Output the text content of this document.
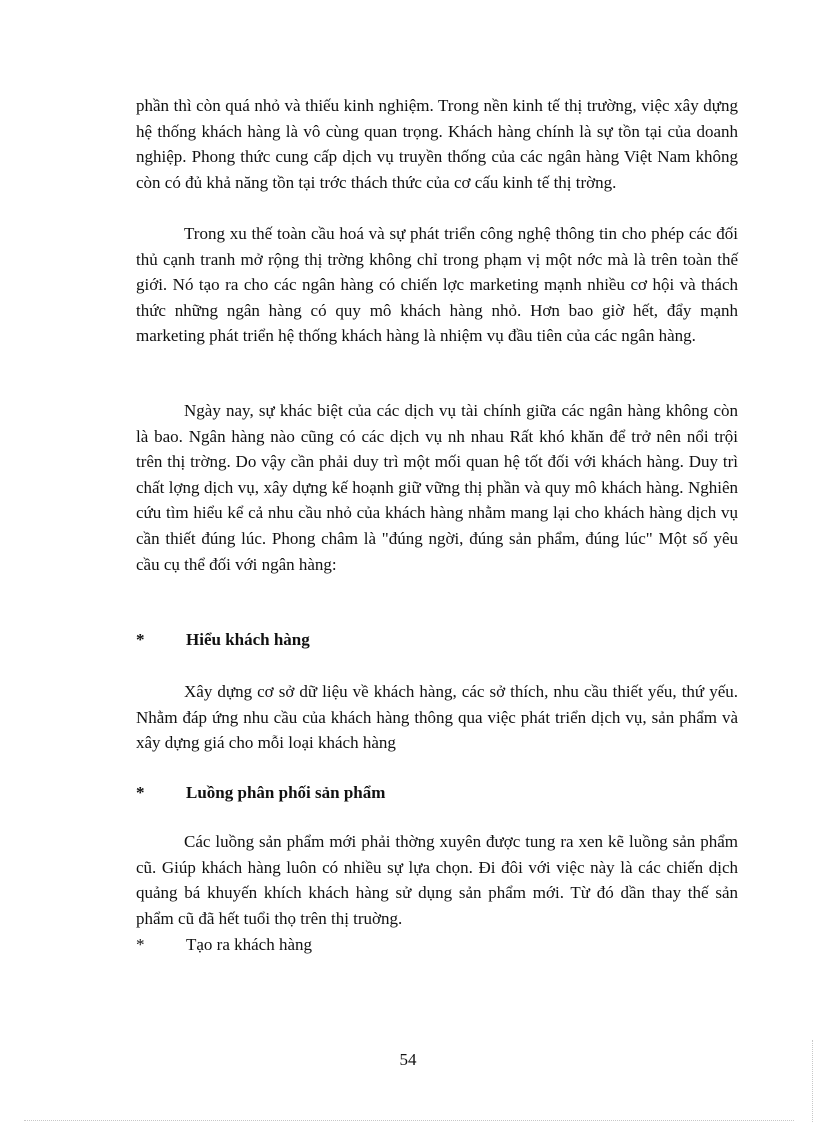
phần thì còn quá nhỏ và thiếu kinh nghiệm. Trong nền kinh tế thị trường, việc xây dựng hệ thống khách hàng là vô cùng quan trọng. Khách hàng chính là sự tồn tại của doanh nghiệp. Phong thức cung cấp dịch vụ truyền thống của các ngân hàng Việt Nam không còn có đủ khả năng tồn tại trớc thách thức của cơ cấu kinh tế thị trờng.

Trong xu thế toàn cầu hoá và sự phát triển công nghệ thông tin cho phép các đối thủ cạnh tranh mở rộng thị trờng không chỉ trong phạm vị một nớc mà là trên toàn thế giới. Nó tạo ra cho các ngân hàng có chiến lợc marketing mạnh nhiều cơ hội và thách thức những ngân hàng có quy mô khách hàng nhỏ. Hơn bao giờ hết, đẩy mạnh marketing phát triển hệ thống khách hàng là nhiệm vụ đầu tiên của các ngân hàng.

Ngày nay, sự khác biệt của các dịch vụ tài chính giữa các ngân hàng không còn là bao. Ngân hàng nào cũng có các dịch vụ nh nhau Rất khó khăn để trở nên nổi trội trên thị trờng. Do vậy cần phải duy trì một mối quan hệ tốt đối với khách hàng. Duy trì chất lợng dịch vụ, xây dựng kế hoạnh giữ vững thị phần và quy mô khách hàng. Nghiên cứu tìm hiểu kể cả nhu cầu nhỏ của khách hàng nhằm mang lại cho khách hàng dịch vụ cần thiết đúng lúc. Phong châm là "đúng ngời, đúng sản phẩm, đúng lúc" Một số yêu cầu cụ thể đối với ngân hàng:

* Hiểu khách hàng

Xây dựng cơ sở dữ liệu về khách hàng, các sở thích, nhu cầu thiết yếu, thứ yếu. Nhằm đáp ứng nhu cầu của khách hàng thông qua việc phát triển dịch vụ, sản phẩm và xây dựng giá cho mỗi loại khách hàng

* Luồng phân phối sản phẩm

Các luồng sản phẩm mới phải thờng xuyên được tung ra xen kẽ luồng sản phẩm cũ. Giúp khách hàng luôn có nhiều sự lựa chọn. Đi đôi với việc này là các chiến dịch quảng bá khuyến khích khách hàng sử dụng sản phẩm mới. Từ đó dần thay thế sản phẩm cũ đã hết tuổi thọ trên thị truờng.

* Tạo ra khách hàng
54
